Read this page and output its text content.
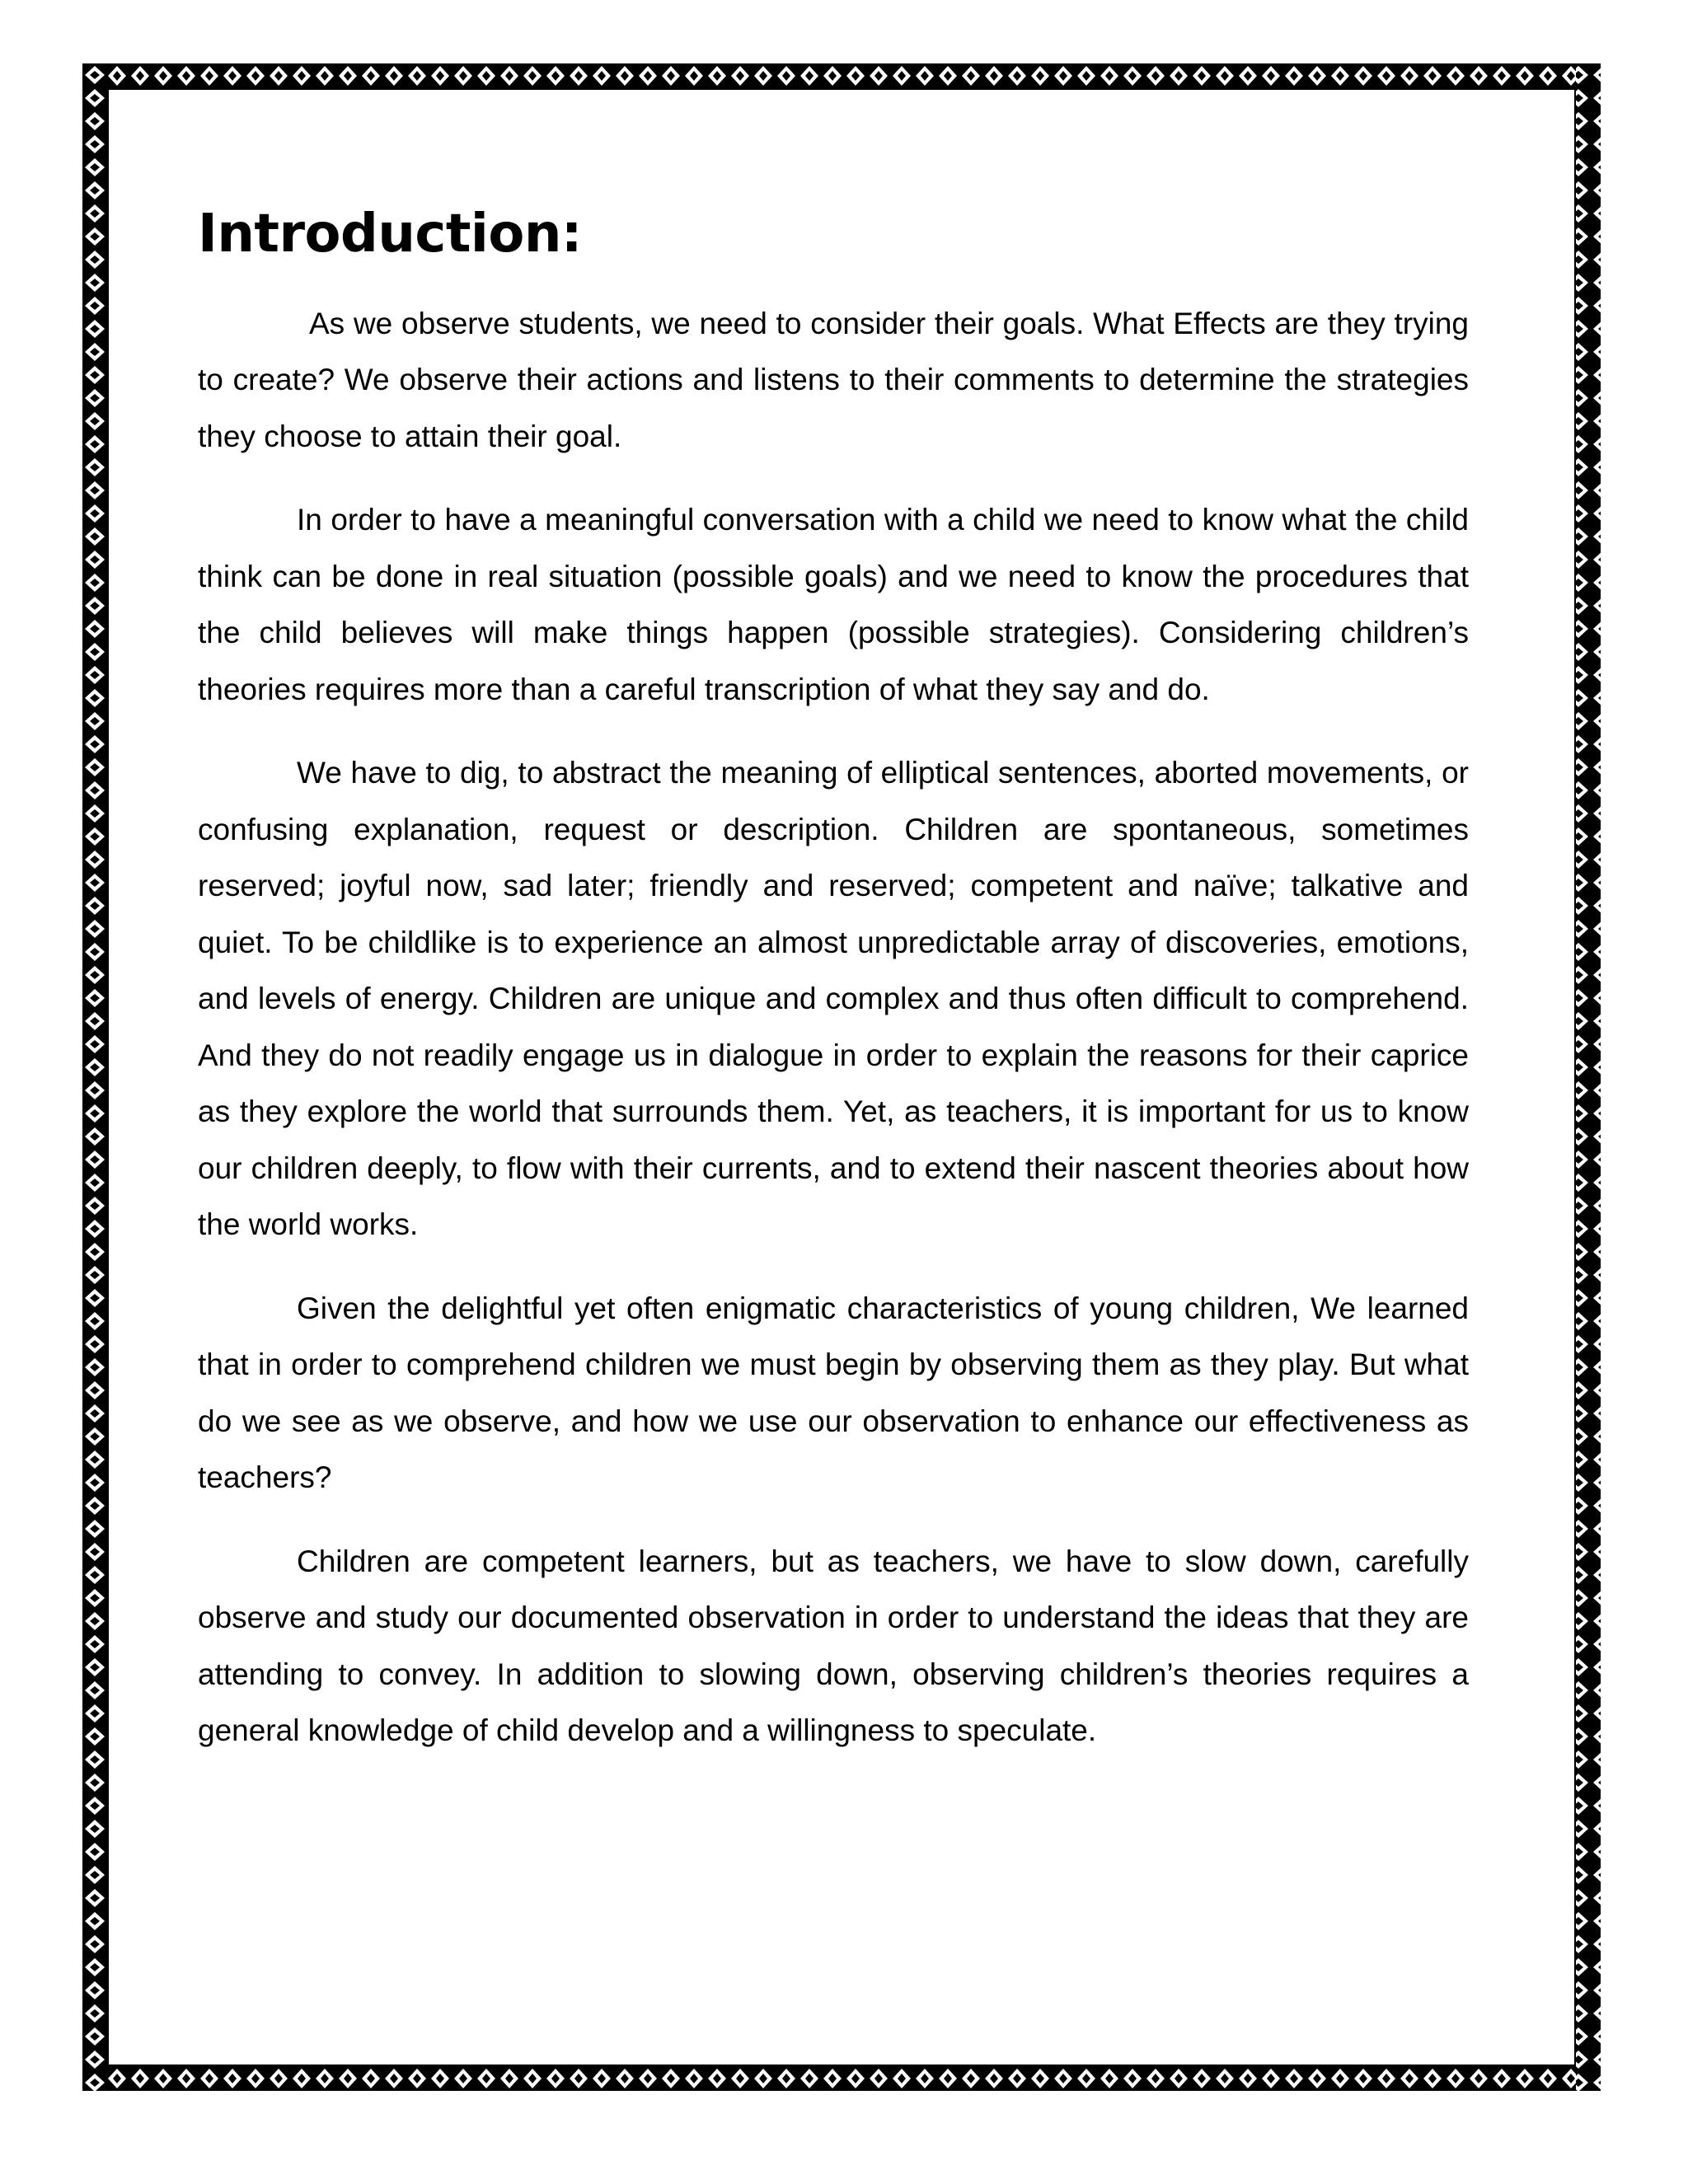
Introduction:

As we observe students, we need to consider their goals. What Effects are they trying to create? We observe their actions and listens to their comments to determine the strategies they choose to attain their goal.

In order to have a meaningful conversation with a child we need to know what the child think can be done in real situation (possible goals) and we need to know the procedures that the child believes will make things happen (possible strategies). Considering children’s theories requires more than a careful transcription of what they say and do.

We have to dig, to abstract the meaning of elliptical sentences, aborted movements, or confusing explanation, request or description. Children are spontaneous, sometimes reserved; joyful now, sad later; friendly and reserved; competent and naïve; talkative and quiet. To be childlike is to experience an almost unpredictable array of discoveries, emotions, and levels of energy. Children are unique and complex and thus often difficult to comprehend. And they do not readily engage us in dialogue in order to explain the reasons for their caprice as they explore the world that surrounds them. Yet, as teachers, it is important for us to know our children deeply, to flow with their currents, and to extend their nascent theories about how the world works.

Given the delightful yet often enigmatic characteristics of young children, We learned that in order to comprehend children we must begin by observing them as they play. But what do we see as we observe, and how we use our observation to enhance our effectiveness as teachers?

Children are competent learners, but as teachers, we have to slow down, carefully observe and study our documented observation in order to understand the ideas that they are attending to convey. In addition to slowing down, observing children’s theories requires a general knowledge of child develop and a willingness to speculate.
